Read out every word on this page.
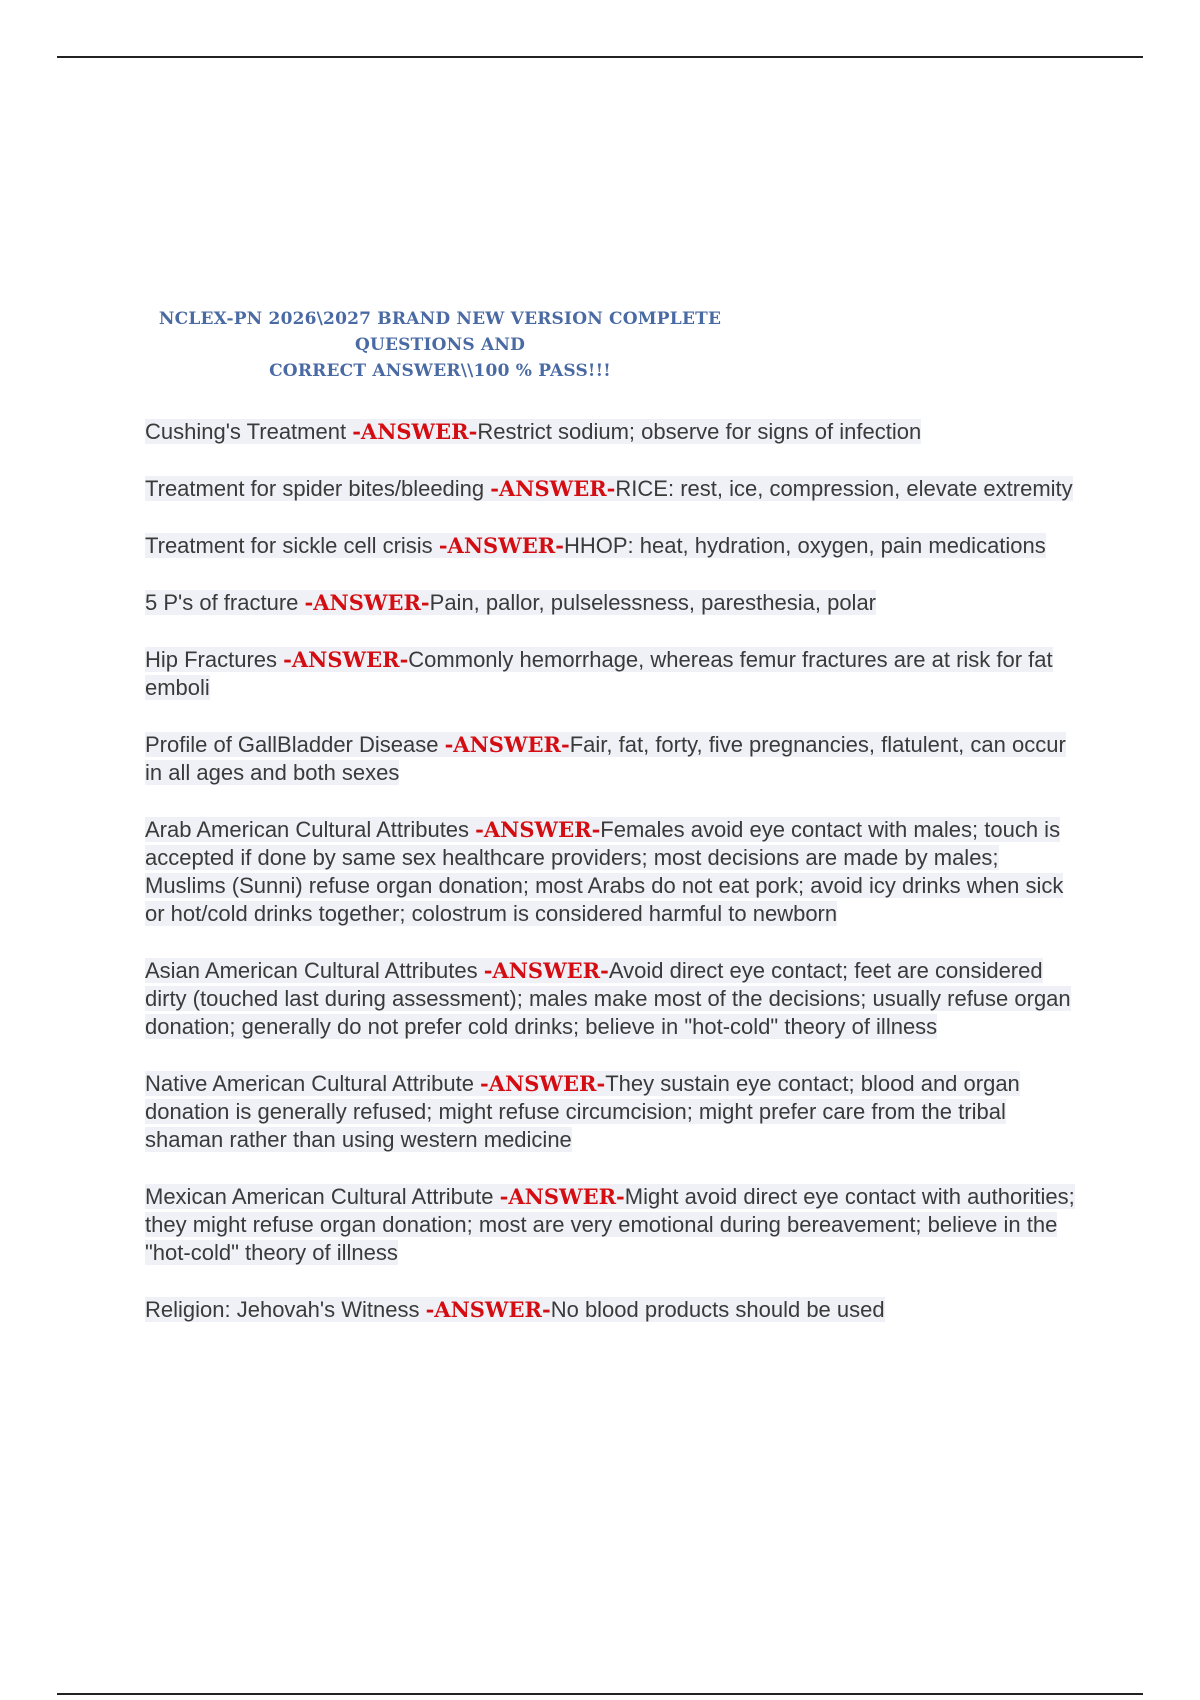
NCLEX-PN 2026\2027 BRAND NEW VERSION COMPLETE QUESTIONS AND
CORRECT ANSWER\\100 % PASS!!!
Cushing's Treatment -ANSWER-Restrict sodium; observe for signs of infection
Treatment for spider bites/bleeding -ANSWER-RICE: rest, ice, compression, elevate extremity
Treatment for sickle cell crisis -ANSWER-HHOP: heat, hydration, oxygen, pain medications
5 P's of fracture -ANSWER-Pain, pallor, pulselessness, paresthesia, polar
Hip Fractures -ANSWER-Commonly hemorrhage, whereas femur fractures are at risk for fat emboli
Profile of GallBladder Disease -ANSWER-Fair, fat, forty, five pregnancies, flatulent, can occur in all ages and both sexes
Arab American Cultural Attributes -ANSWER-Females avoid eye contact with males; touch is accepted if done by same sex healthcare providers; most decisions are made by males; Muslims (Sunni) refuse organ donation; most Arabs do not eat pork; avoid icy drinks when sick or hot/cold drinks together; colostrum is considered harmful to newborn
Asian American Cultural Attributes -ANSWER-Avoid direct eye contact; feet are considered dirty (touched last during assessment); males make most of the decisions; usually refuse organ donation; generally do not prefer cold drinks; believe in "hot-cold" theory of illness
Native American Cultural Attribute -ANSWER-They sustain eye contact; blood and organ donation is generally refused; might refuse circumcision; might prefer care from the tribal shaman rather than using western medicine
Mexican American Cultural Attribute -ANSWER-Might avoid direct eye contact with authorities; they might refuse organ donation; most are very emotional during bereavement; believe in the "hot-cold" theory of illness
Religion: Jehovah's Witness -ANSWER-No blood products should be used
